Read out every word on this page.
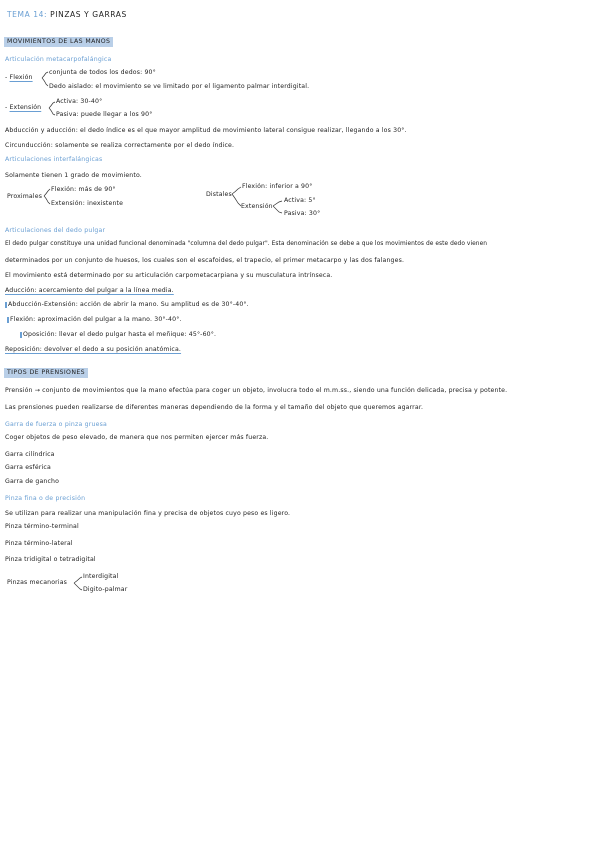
TEMA 14: PINZAS Y GARRAS
MOVIMIENTOS DE LAS MANOS
Articulación metacarpofalángica
- Flexión
conjunta de todos los dedos: 90°
Dedo aislado: el movimiento se ve limitado por el ligamento palmar interdigital.
- Extensión
Activa: 30-40°
Pasiva: puede llegar a los 90°
Abducción y aducción: el dedo índice es el que mayor amplitud de movimiento lateral consigue realizar, llegando a los 30°.
Circunducción: solamente se realiza correctamente por el dedo índice.
Articulaciones interfalángicas
Solamente tienen 1 grado de movimiento.
Proximales
Flexión: más de 90°
Extensión: inexistente
Distales
Flexión: inferior a 90°
Extensión
Activa: 5°
Pasiva: 30°
Articulaciones del dedo pulgar
El dedo pulgar constituye una unidad funcional denominada "columna del dedo pulgar". Esta denominación se debe a que los movimientos de este dedo vienen
determinados por un conjunto de huesos, los cuales son el escafoides, el trapecio, el primer metacarpo y las dos falanges.
El movimiento está determinado por su articulación carpometacarpiana y su musculatura intrínseca.
Aducción: acercamiento del pulgar a la línea media.
Abducción-Extensión: acción de abrir la mano. Su amplitud es de 30°-40°.
Flexión: aproximación del pulgar a la mano. 30°-40°.
Oposición: llevar el dedo pulgar hasta el meñique: 45°-60°.
Reposición: devolver el dedo a su posición anatómica.
TIPOS DE PRENSIONES
Prensión → conjunto de movimientos que la mano efectúa para coger un objeto, involucra todo el m.m.ss., siendo una función delicada, precisa y potente.
Las prensiones pueden realizarse de diferentes maneras dependiendo de la forma y el tamaño del objeto que queremos agarrar.
Garra de fuerza o pinza gruesa
Coger objetos de peso elevado, de manera que nos permiten ejercer más fuerza.
Garra cilíndrica
Garra esférica
Garra de gancho
Pinza fina o de precisión
Se utilizan para realizar una manipulación fina y precisa de objetos cuyo peso es ligero.
Pinza término-terminal
Pinza término-lateral
Pinza tridigital o tetradigital
Pinzas mecanorias
Interdigital
Digito-palmar
